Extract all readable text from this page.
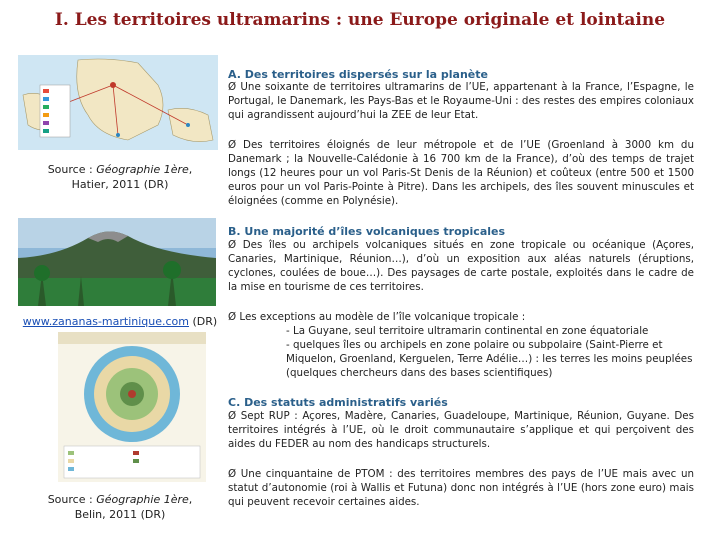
I. Les territoires ultramarins : une Europe originale et lointaine
Source : Géographie 1ère,
Hatier, 2011 (DR)
www.zananas-martinique.com (DR)
Source : Géographie 1ère,
Belin, 2011 (DR)
A. Des territoires dispersés sur la planète
Ø Une soixante de territoires ultramarins de l’UE, appartenant à la France, l’Espagne, le Portugal, le Danemark, les Pays-Bas et le Royaume-Uni : des restes des empires coloniaux qui agrandissent aujourd’hui la ZEE de leur Etat.
Ø Des territoires éloignés de leur métropole et de l’UE (Groenland à 3000 km du Danemark ; la Nouvelle-Calédonie à 16 700 km de la France), d’où des temps de trajet longs (12 heures pour un vol Paris-St Denis de la Réunion) et coûteux (entre 500 et 1500 euros pour un vol Paris-Pointe à Pitre). Dans les archipels, des îles souvent minuscules et éloignées (comme en Polynésie).
B. Une majorité d’îles volcaniques tropicales
Ø Des îles ou archipels volcaniques situés en zone tropicale ou océanique (Açores, Canaries, Martinique, Réunion…), d’où un exposition aux aléas naturels (éruptions, cyclones, coulées de boue…). Des paysages de carte postale, exploités dans le cadre de la mise en tourisme de ces territoires.
Ø Les exceptions au modèle de l’île volcanique tropicale :
- La Guyane, seul territoire ultramarin continental en zone équatoriale
- quelques îles ou archipels en zone polaire ou subpolaire (Saint-Pierre et Miquelon, Groenland, Kerguelen, Terre Adélie…) : les terres les moins peuplées (quelques chercheurs dans des bases scientifiques)
C. Des statuts administratifs variés
Ø Sept RUP : Açores, Madère, Canaries, Guadeloupe, Martinique, Réunion, Guyane. Des territoires intégrés à l’UE, où le droit communautaire s’applique et qui perçoivent des aides du FEDER au nom des handicaps structurels.
Ø Une cinquantaine de PTOM : des territoires membres des pays de l’UE mais avec un statut d’autonomie (roi à Wallis et Futuna) donc non intégrés à l’UE (hors zone euro) mais qui peuvent recevoir certaines aides.
